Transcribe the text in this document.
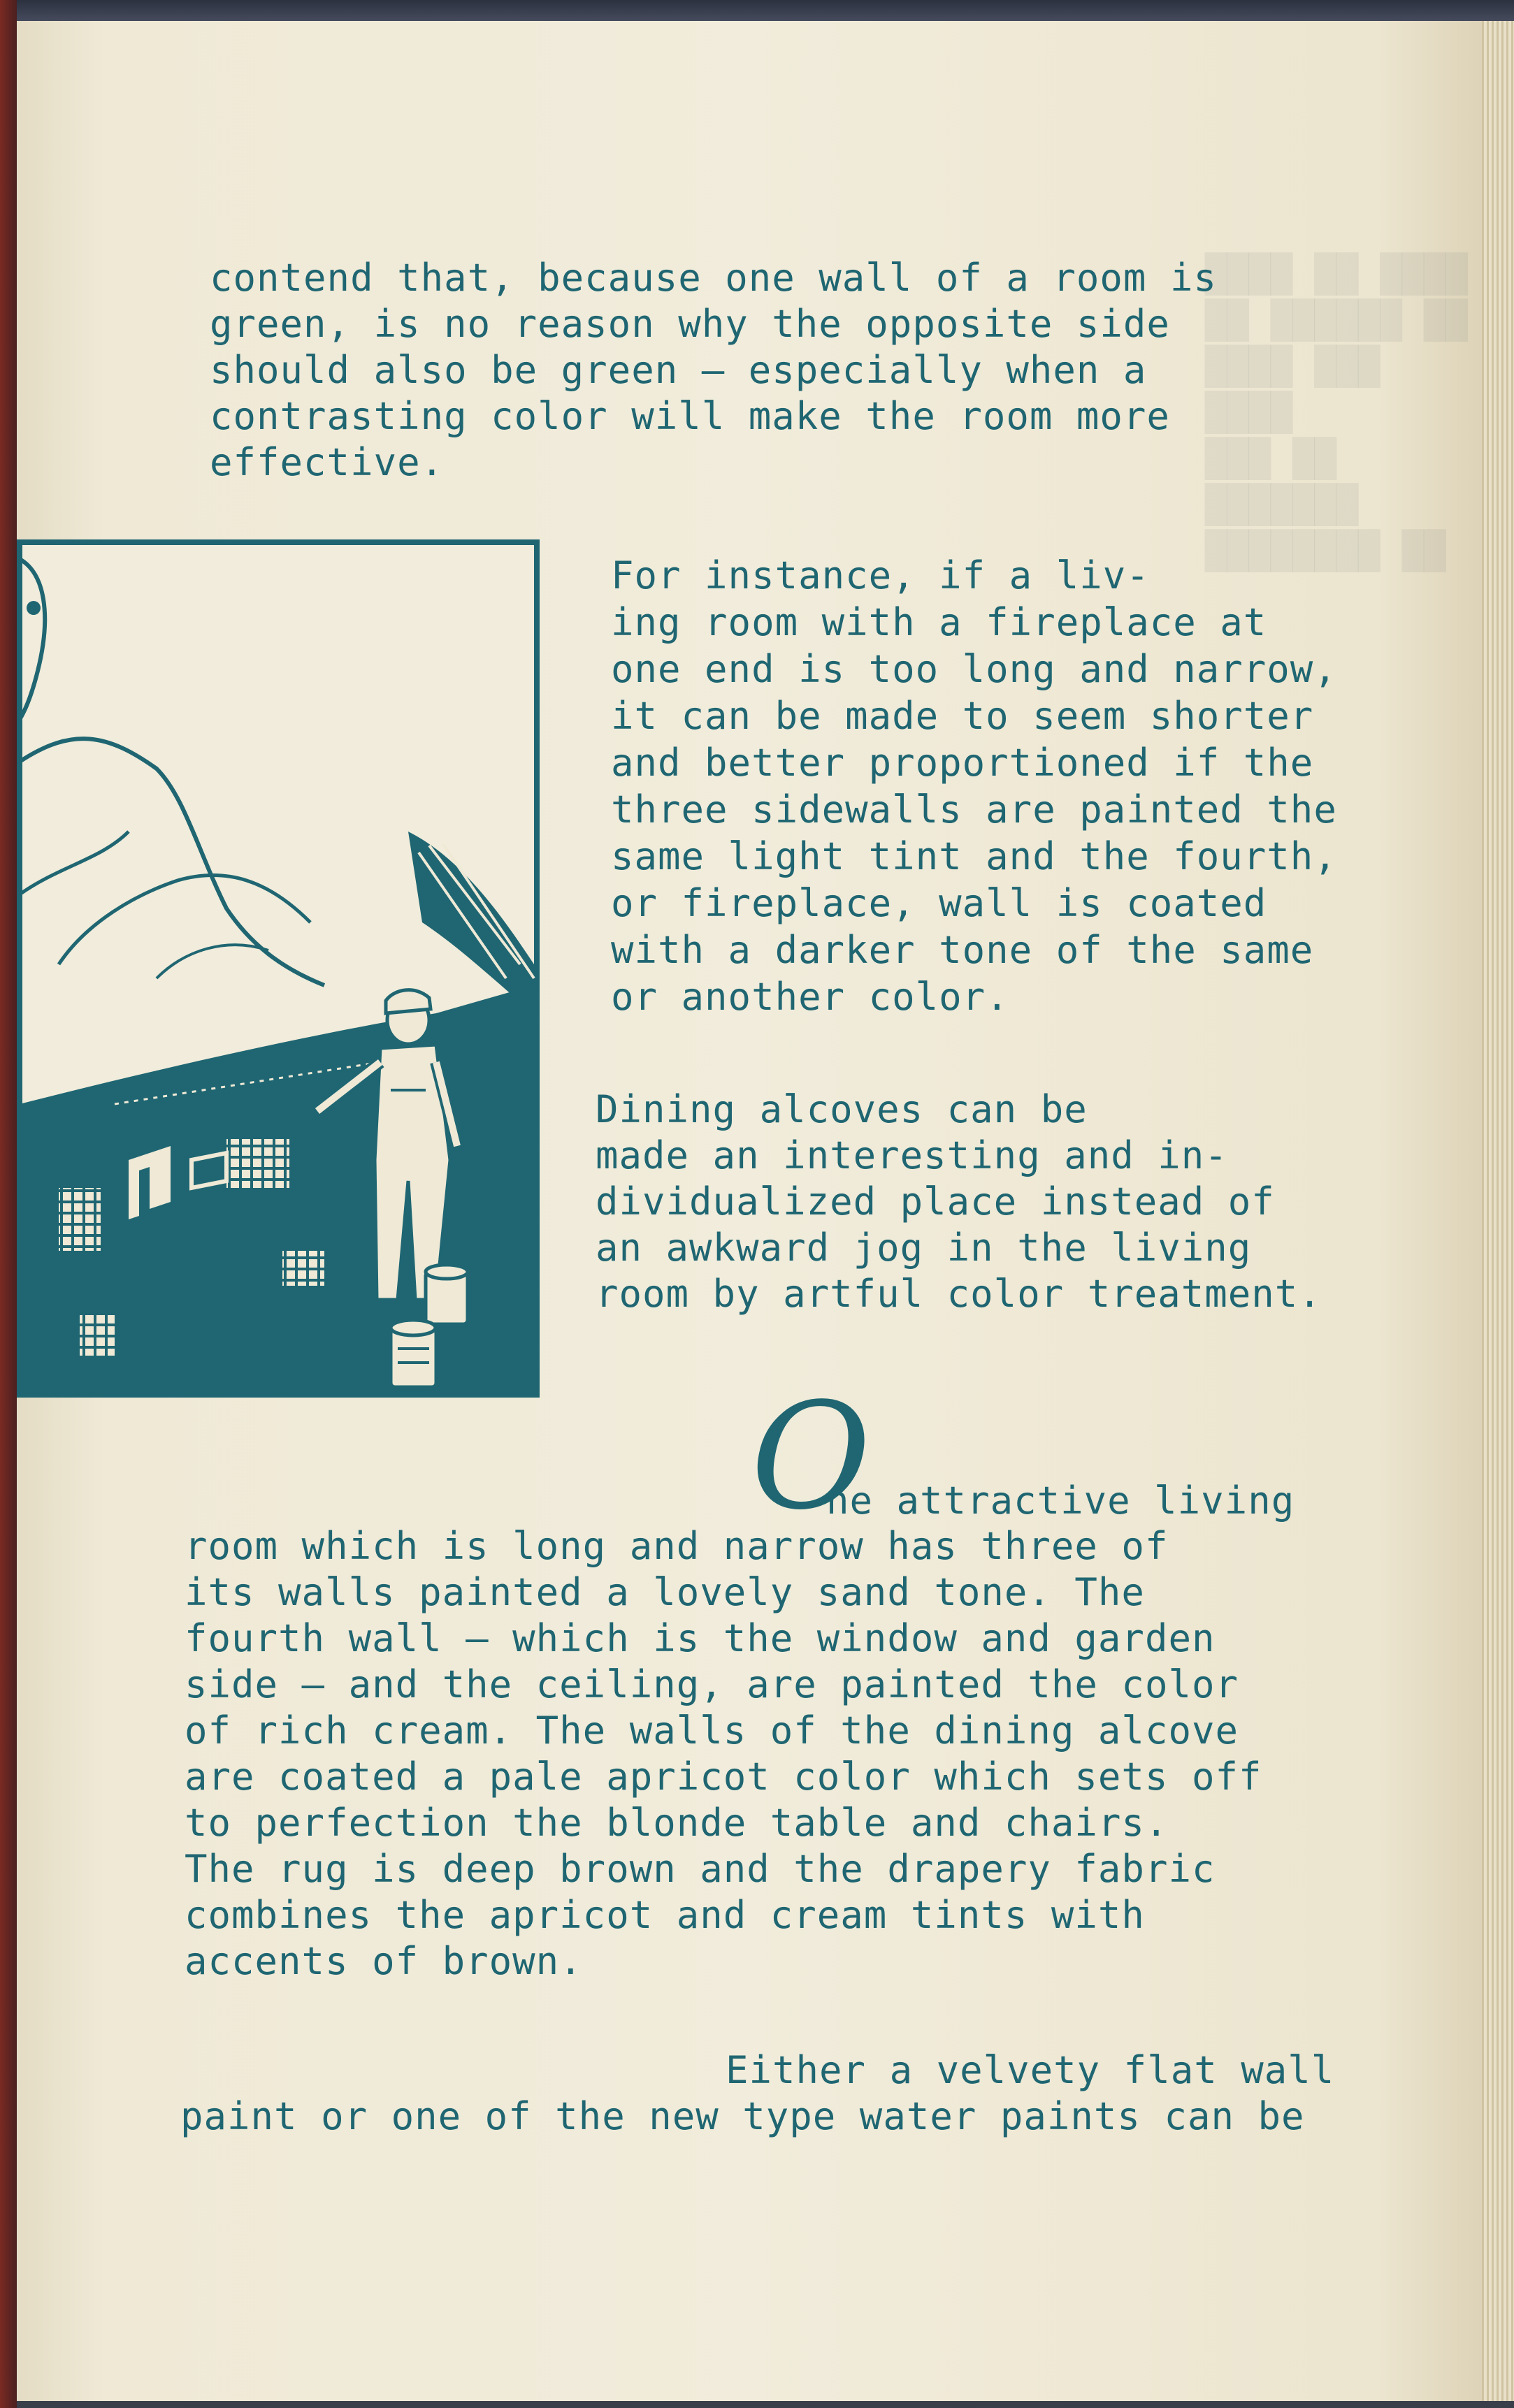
████ ██ ████
██ ██████ ██
████ ███ ████
███ ██ ███████
████████ ██
contend that, because one wall of a room is
green, is no reason why the opposite side
should also be green — especially when a
contrasting color will make the room more
effective.
For instance, if a liv-
ing room with a fireplace at
one end is too long and narrow,
it can be made to seem shorter
and better proportioned if the
three sidewalls are painted the
same light tint and the fourth,
or fireplace, wall is coated
with a darker tone of the same
or another color.
Dining alcoves can be
made an interesting and in-
dividualized place instead of
an awkward jog in the living
room by artful color treatment.
O
ne attractive living
room which is long and narrow has three of
its walls painted a lovely sand tone. The
fourth wall — which is the window and garden
side — and the ceiling, are painted the color
of rich cream. The walls of the dining alcove
are coated a pale apricot color which sets off
to perfection the blonde table and chairs.
The rug is deep brown and the drapery fabric
combines the apricot and cream tints with
accents of brown.
Either a velvety flat wall
paint or one of the new type water paints can be
